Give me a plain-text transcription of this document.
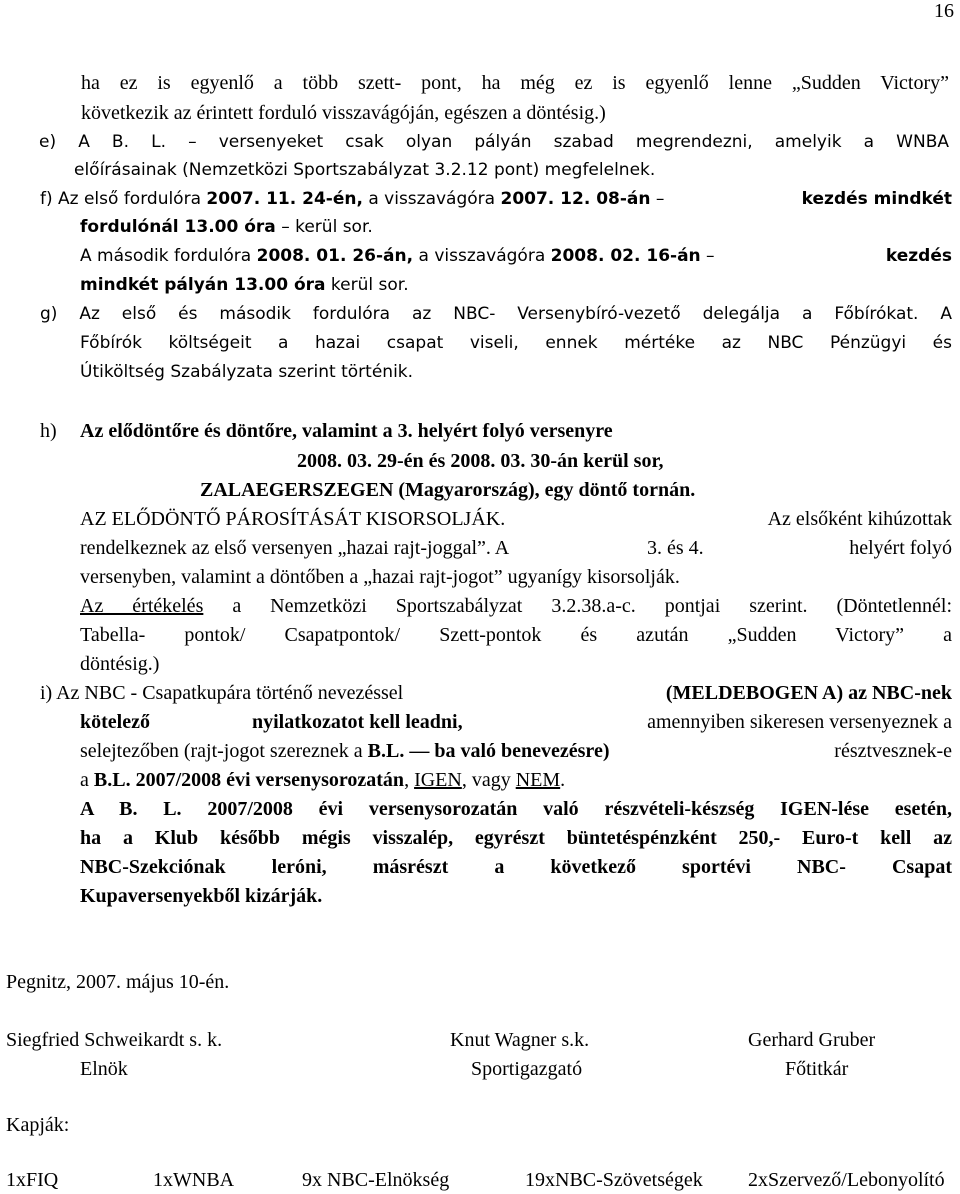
16
ha ez is egyenlő a több szett- pont, ha még ez is egyenlő lenne „Sudden Victory”
következik az érintett forduló visszavágóján, egészen a döntésig.)
e) A B. L. – versenyeket csak olyan pályán szabad megrendezni, amelyik a WNBA
előírásainak (Nemzetközi Sportszabályzat 3.2.12 pont) megfelelnek.
f) Az első fordulóra 2007. 11. 24-én, a visszavágóra 2007. 12. 08-án –	kezdés mindkét
fordulónál 13.00 óra – kerül sor.
A második fordulóra 2008. 01. 26-án, a visszavágóra 2008. 02. 16-án –	kezdés
mindkét pályán 13.00 óra kerül sor.
g) Az első és második fordulóra az NBC- Versenybíró-vezető delegálja a Főbírókat. A
Főbírók költségeit a hazai csapat viseli, ennek mértéke az NBC Pénzügyi és
Útiköltség Szabályzata szerint történik.
h) Az elődöntőre és döntőre, valamint a 3. helyért folyó versenyre
2008. 03. 29-én és 2008. 03. 30-án kerül sor,
ZALAEGERSZEGEN (Magyarország), egy döntő tornán.
AZ ELŐDÖNTŐ PÁROSÍTÁSÁT KISORSOLJÁK.	Az elsőként kihúzottak
rendelkeznek az első versenyen „hazai rajt-joggal”. A	3. és 4.	helyért folyó
versenyben, valamint a döntőben a „hazai rajt-jogot” ugyanígy kisorsolják.
Az értékelés a Nemzetközi Sportszabályzat 3.2.38.a-c. pontjai szerint. (Döntetlennél:
Tabella- pontok/ Csapatpontok/ Szett-pontok és azután „Sudden Victory” a
döntésig.)
i) Az NBC - Csapatkupára történő nevezéssel	(MELDEBOGEN A) az NBC-nek
kötelező	nyilatkozatot kell leadni,	amennyiben sikeresen versenyeznek a
selejtezőben (rajt-jogot szereznek a B.L. — ba való benevezésre)	résztvesznek-e
a B.L. 2007/2008 évi versenysorozatán, IGEN, vagy NEM.
A B. L. 2007/2008 évi versenysorozatán való részvételi-készség IGEN-lése esetén,
ha a Klub később mégis visszalép, egyrészt büntetéspénzként 250,- Euro-t kell az
NBC-Szekciónak leróni, másrészt a következő sportévi NBC- Csapat
Kupaversenyekből kizárják.
Pegnitz, 2007. május 10-én.
Siegfried Schweikardt s. k.	Knut Wagner s.k.	Gerhard Gruber
Elnök	Sportigazgató	Főtitkár
Kapják:
1xFIQ	1xWNBA	9x NBC-Elnökség	19xNBC-Szövetségek 2xSzervező/Lebonyolító
